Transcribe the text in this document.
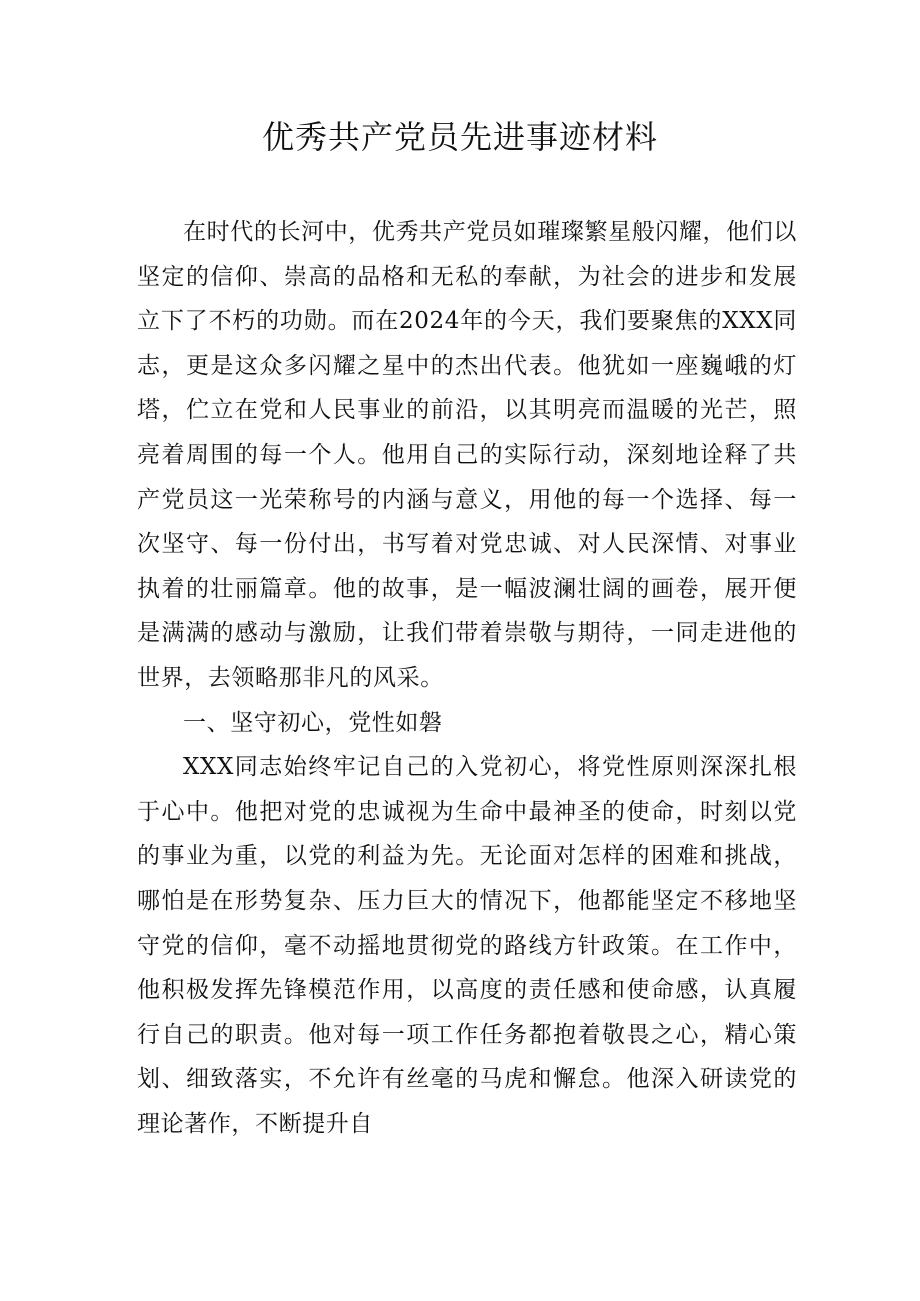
优秀共产党员先进事迹材料

在时代的长河中，优秀共产党员如璀璨繁星般闪耀，他们以坚定的信仰、崇高的品格和无私的奉献，为社会的进步和发展立下了不朽的功勋。而在2024年的今天，我们要聚焦的XXX同志，更是这众多闪耀之星中的杰出代表。他犹如一座巍峨的灯塔，伫立在党和人民事业的前沿，以其明亮而温暖的光芒，照亮着周围的每一个人。他用自己的实际行动，深刻地诠释了共产党员这一光荣称号的内涵与意义，用他的每一个选择、每一次坚守、每一份付出，书写着对党忠诚、对人民深情、对事业执着的壮丽篇章。他的故事，是一幅波澜壮阔的画卷，展开便是满满的感动与激励，让我们带着崇敬与期待，一同走进他的世界，去领略那非凡的风采。

一、坚守初心，党性如磐

XXX同志始终牢记自己的入党初心，将党性原则深深扎根于心中。他把对党的忠诚视为生命中最神圣的使命，时刻以党的事业为重，以党的利益为先。无论面对怎样的困难和挑战，哪怕是在形势复杂、压力巨大的情况下，他都能坚定不移地坚守党的信仰，毫不动摇地贯彻党的路线方针政策。在工作中，他积极发挥先锋模范作用，以高度的责任感和使命感，认真履行自己的职责。他对每一项工作任务都抱着敬畏之心，精心策划、细致落实，不允许有丝毫的马虎和懈怠。他深入研读党的理论著作，不断提升自
